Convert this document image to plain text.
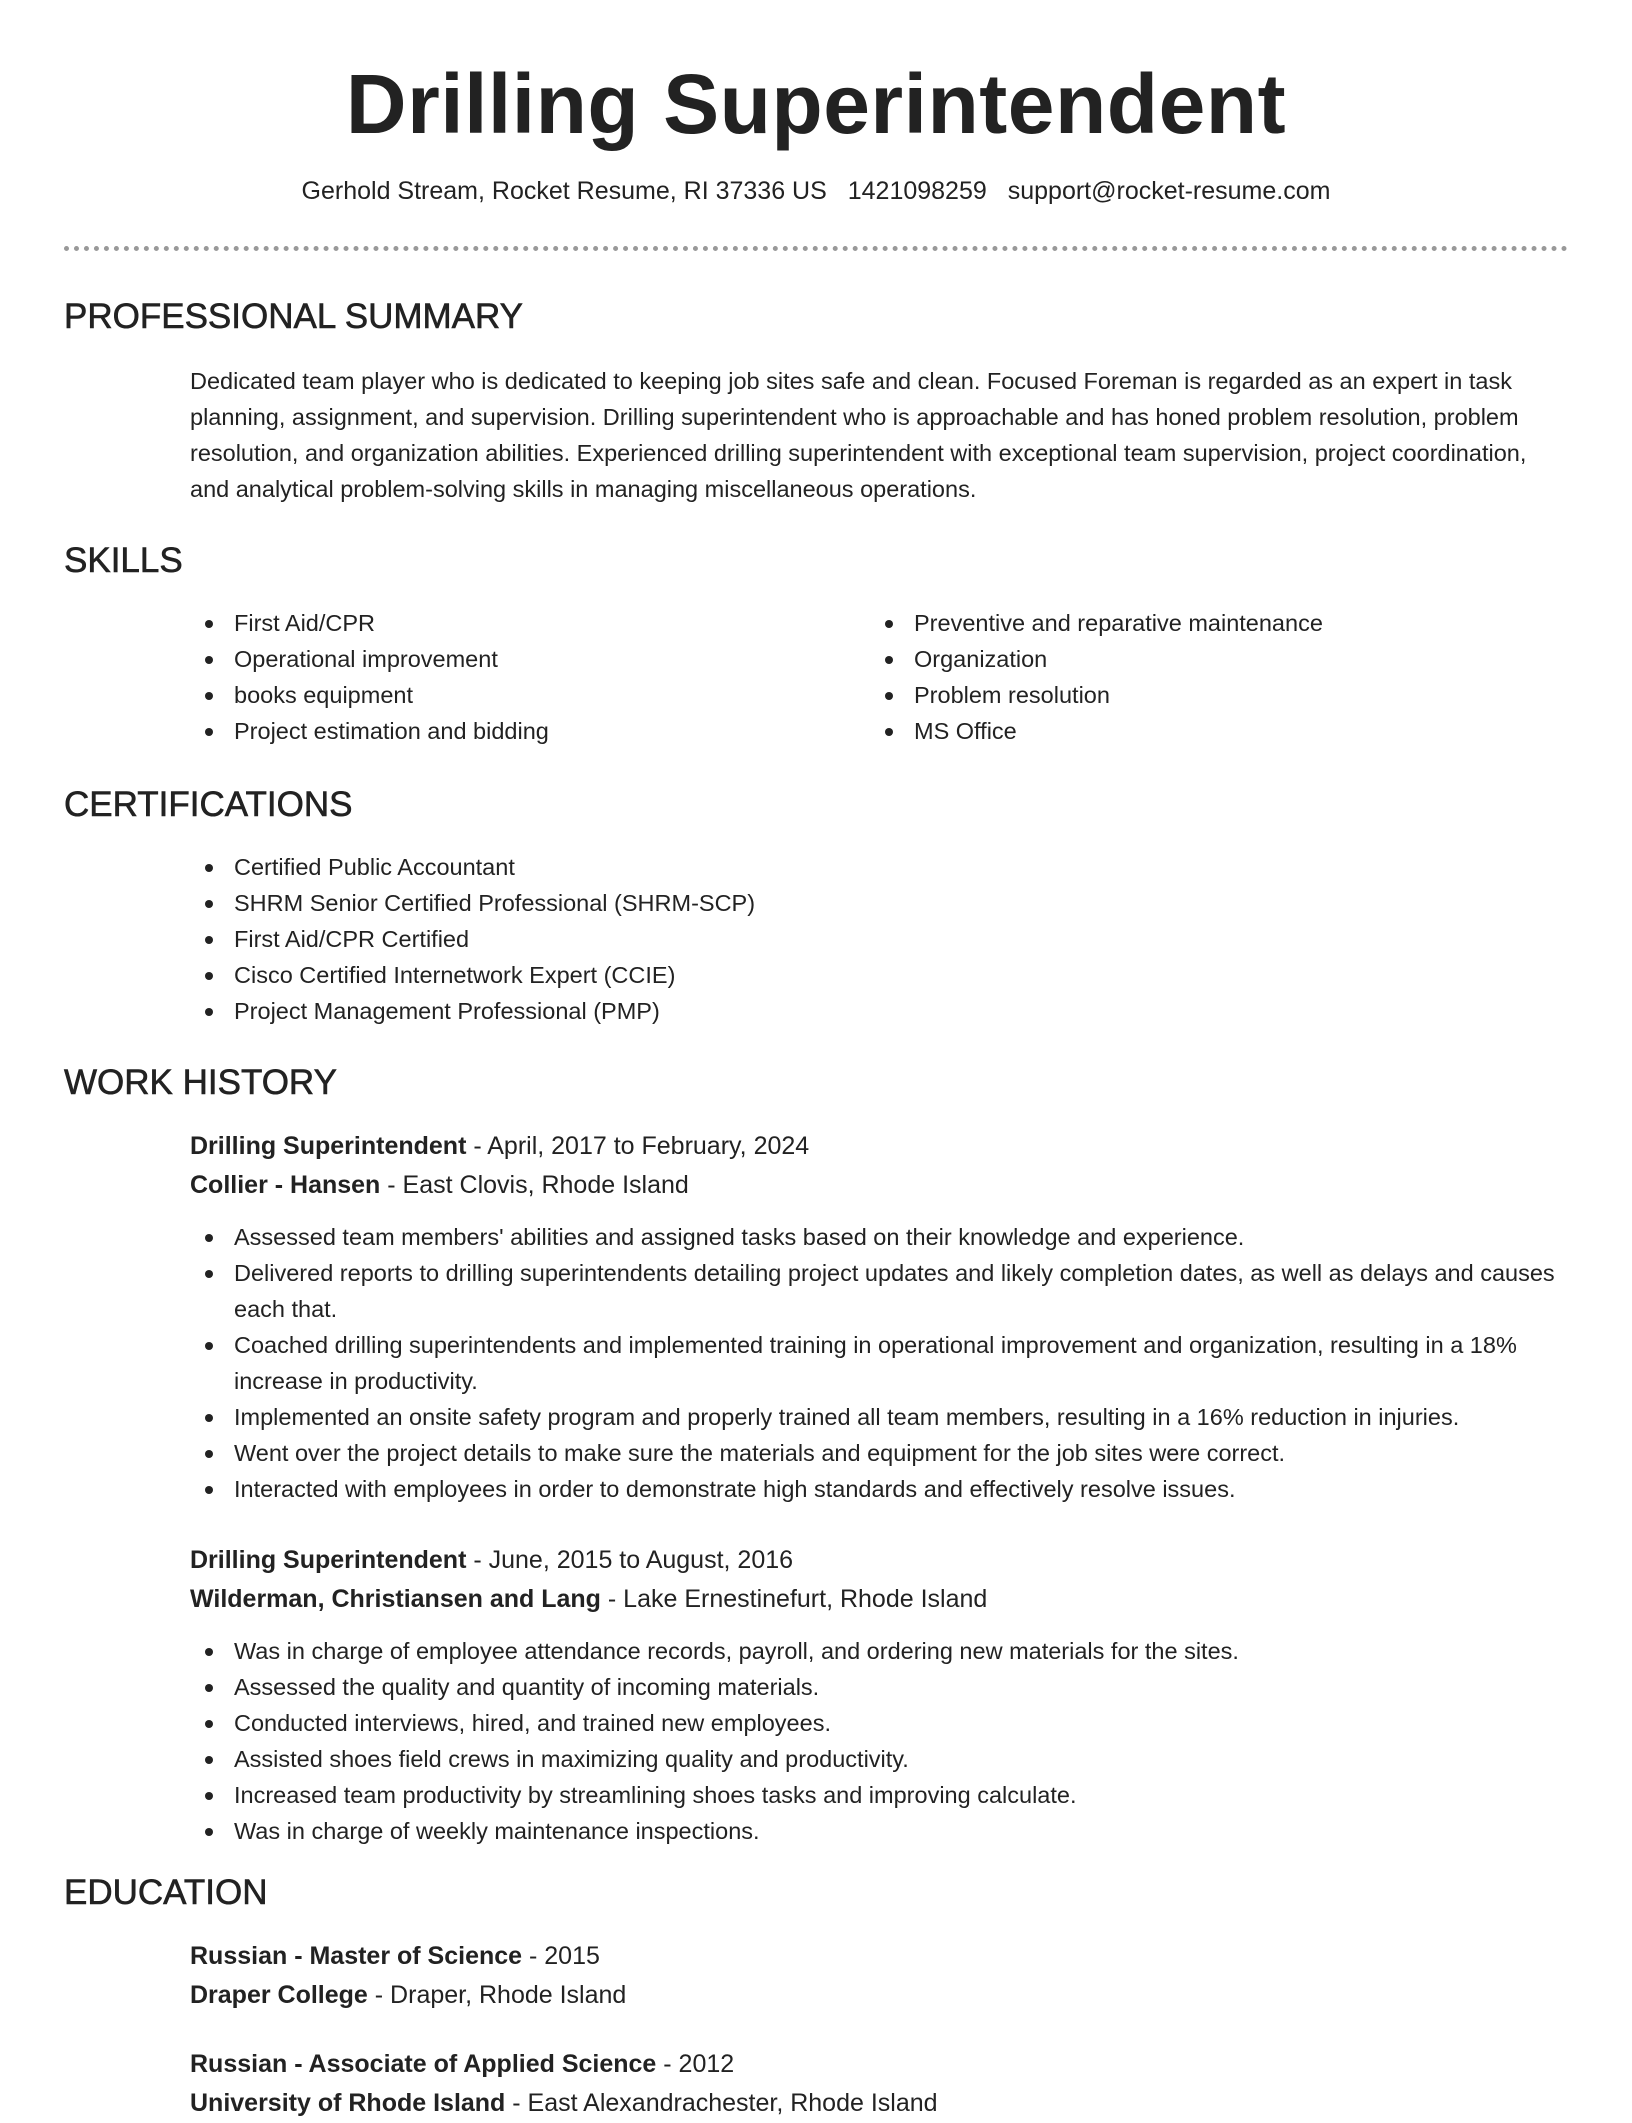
Drilling Superintendent
Gerhold Stream, Rocket Resume, RI 37336 US 1421098259 support@rocket-resume.com
PROFESSIONAL SUMMARY

Dedicated team player who is dedicated to keeping job sites safe and clean. Focused Foreman is regarded as an expert in task planning, assignment, and supervision. Drilling superintendent who is approachable and has honed problem resolution, problem resolution, and organization abilities. Experienced drilling superintendent with exceptional team supervision, project coordination, and analytical problem-solving skills in managing miscellaneous operations.

SKILLS
First Aid/CPR
Operational improvement
books equipment
Project estimation and bidding
Preventive and reparative maintenance
Organization
Problem resolution
MS Office
CERTIFICATIONS
Certified Public Accountant
SHRM Senior Certified Professional (SHRM-SCP)
First Aid/CPR Certified
Cisco Certified Internetwork Expert (CCIE)
Project Management Professional (PMP)
WORK HISTORY
Drilling Superintendent - April, 2017 to February, 2024
Collier - Hansen - East Clovis, Rhode Island
Assessed team members' abilities and assigned tasks based on their knowledge and experience.
Delivered reports to drilling superintendents detailing project updates and likely completion dates, as well as delays and causes each that.
Coached drilling superintendents and implemented training in operational improvement and organization, resulting in a 18% increase in productivity.
Implemented an onsite safety program and properly trained all team members, resulting in a 16% reduction in injuries.
Went over the project details to make sure the materials and equipment for the job sites were correct.
Interacted with employees in order to demonstrate high standards and effectively resolve issues.
Drilling Superintendent - June, 2015 to August, 2016
Wilderman, Christiansen and Lang - Lake Ernestinefurt, Rhode Island
Was in charge of employee attendance records, payroll, and ordering new materials for the sites.
Assessed the quality and quantity of incoming materials.
Conducted interviews, hired, and trained new employees.
Assisted shoes field crews in maximizing quality and productivity.
Increased team productivity by streamlining shoes tasks and improving calculate.
Was in charge of weekly maintenance inspections.
EDUCATION
Russian - Master of Science - 2015
Draper College - Draper, Rhode Island
Russian - Associate of Applied Science - 2012
University of Rhode Island - East Alexandrachester, Rhode Island
